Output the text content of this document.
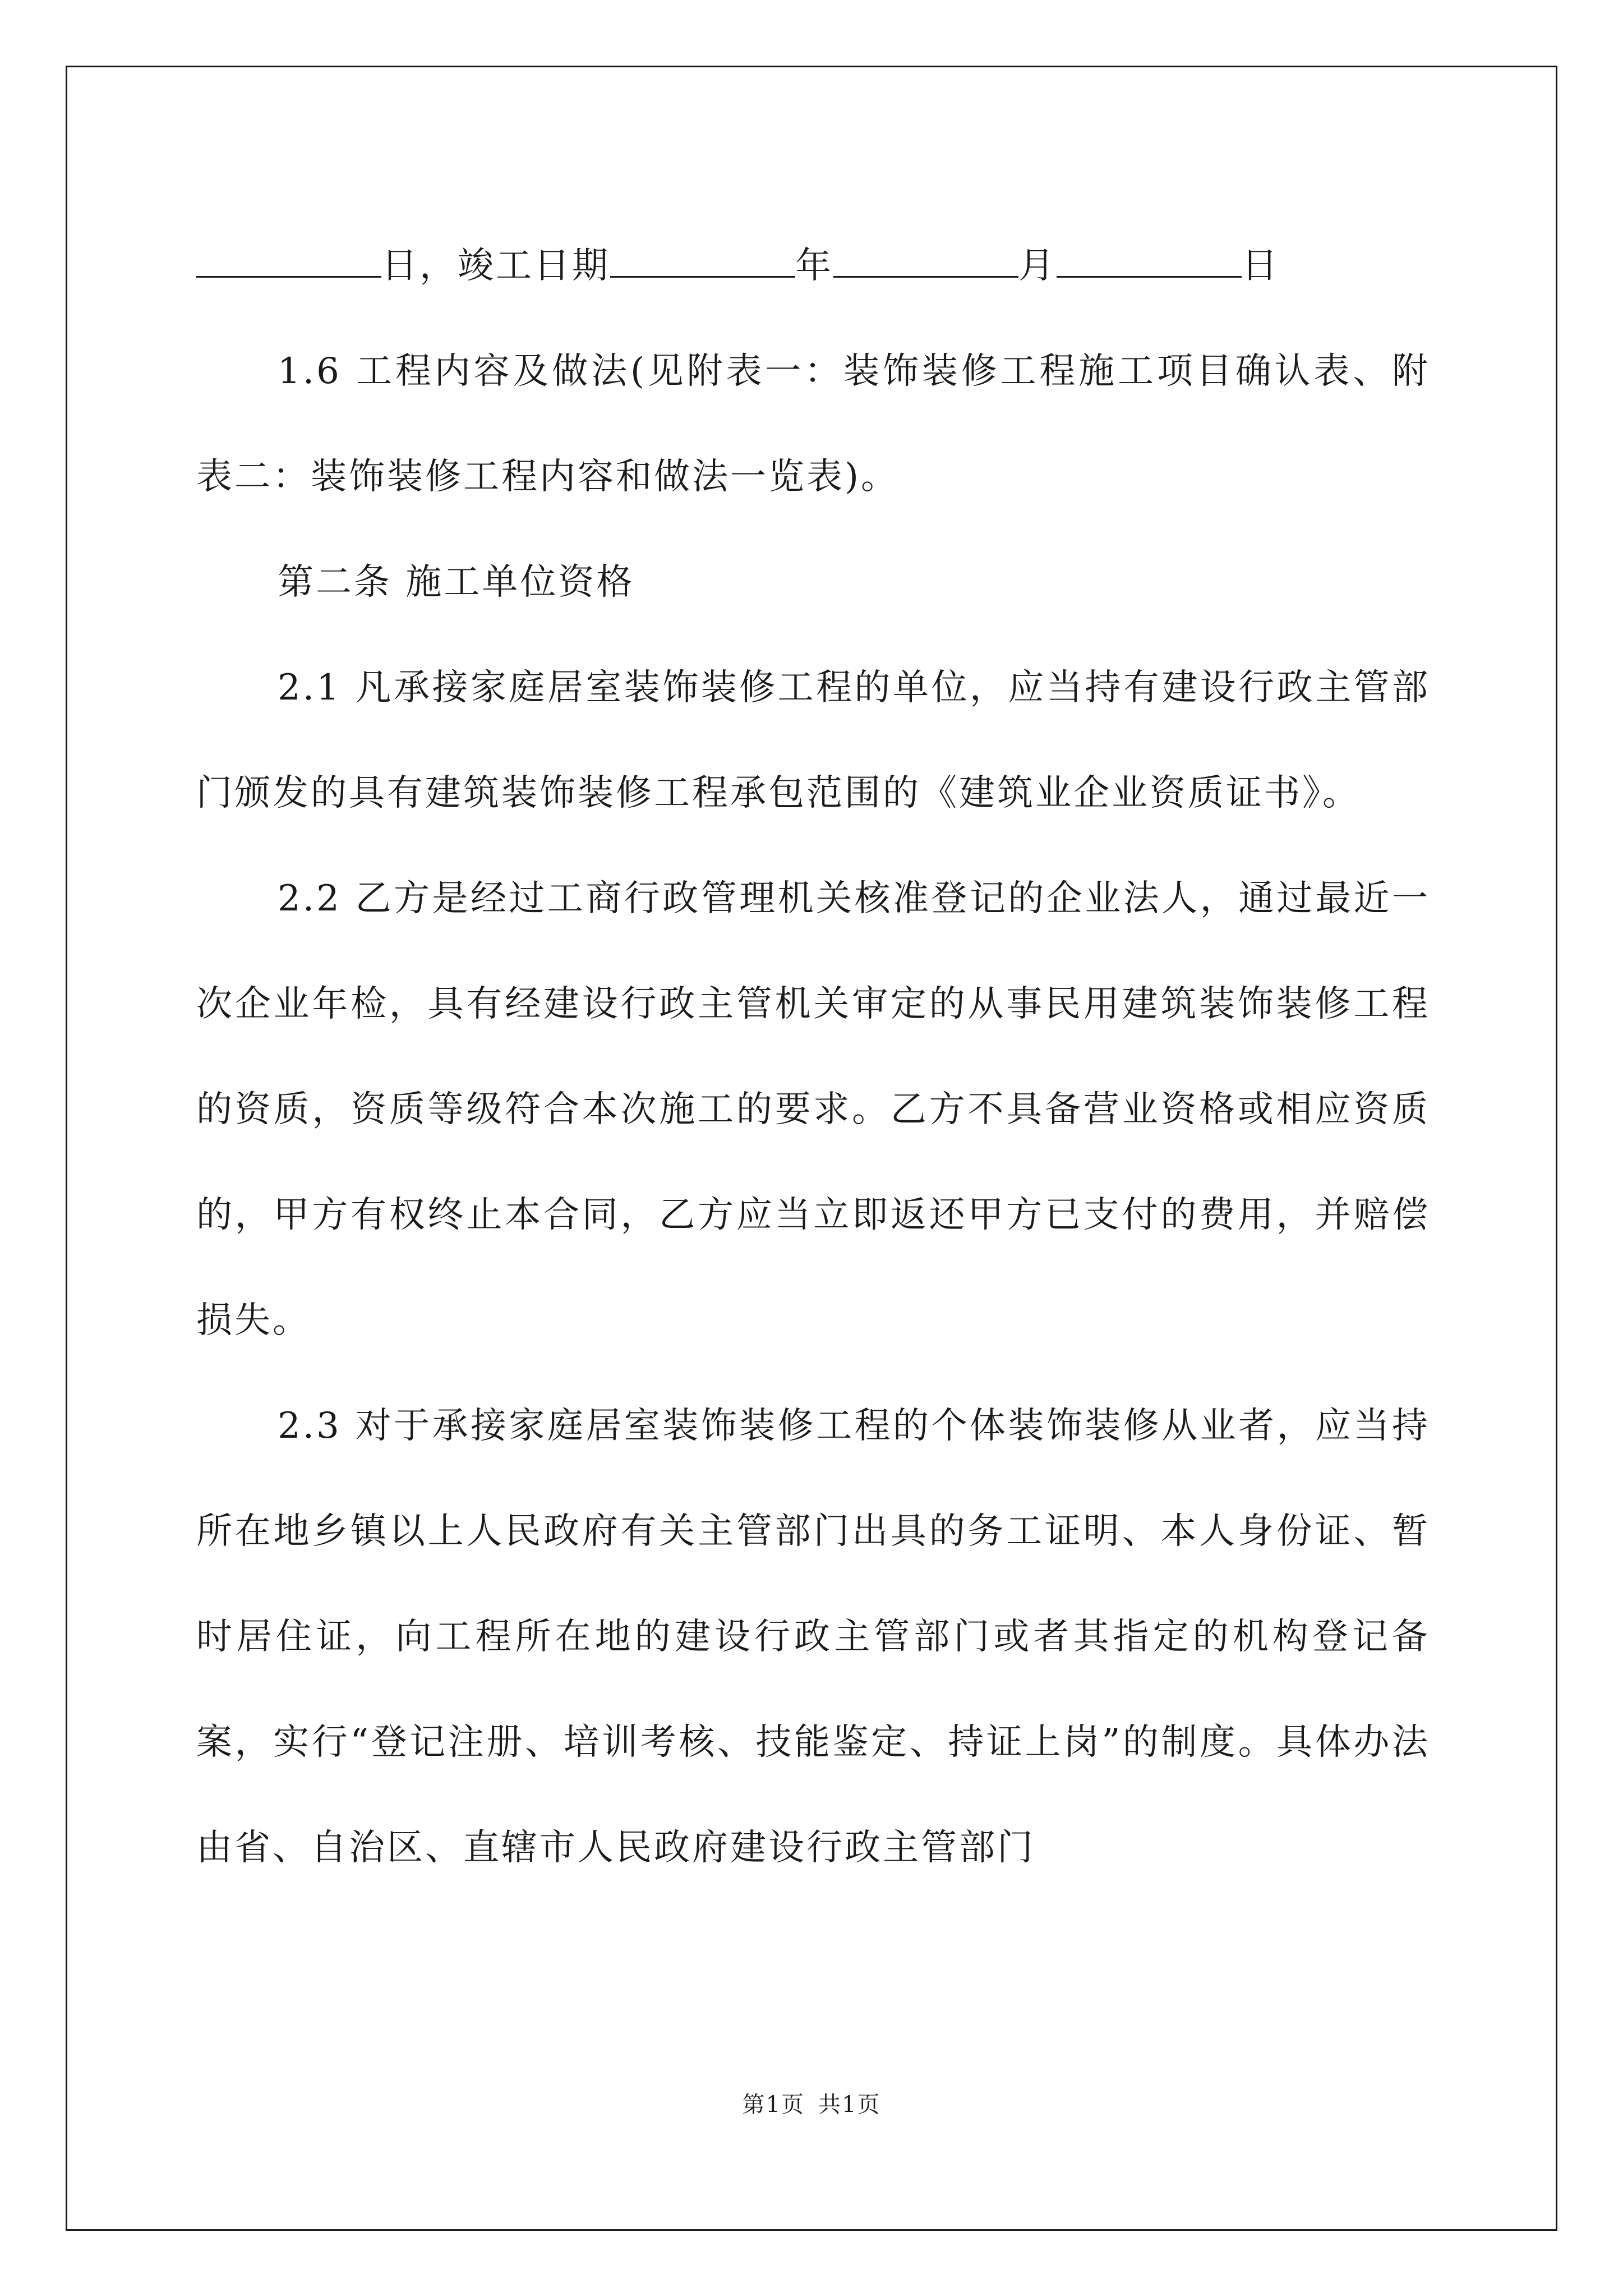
日，竣工日期	年	月	日

1.6 工程内容及做法(见附表一：装饰装修工程施工项目确认表、附表二：装饰装修工程内容和做法一览表)。

第二条 施工单位资格

2.1 凡承接家庭居室装饰装修工程的单位，应当持有建设行政主管部门颁发的具有建筑装饰装修工程承包范围的《建筑业企业资质证书》。

2.2 乙方是经过工商行政管理机关核准登记的企业法人，通过最近一次企业年检，具有经建设行政主管机关审定的从事民用建筑装饰装修工程的资质，资质等级符合本次施工的要求。乙方不具备营业资格或相应资质的，甲方有权终止本合同，乙方应当立即返还甲方已支付的费用，并赔偿损失。

2.3 对于承接家庭居室装饰装修工程的个体装饰装修从业者，应当持所在地乡镇以上人民政府有关主管部门出具的务工证明、本人身份证、暂时居住证，向工程所在地的建设行政主管部门或者其指定的机构登记备案，实行“登记注册、培训考核、技能鉴定、持证上岗”的制度。具体办法由省、自治区、直辖市人民政府建设行政主管部门

第1页 共1页
